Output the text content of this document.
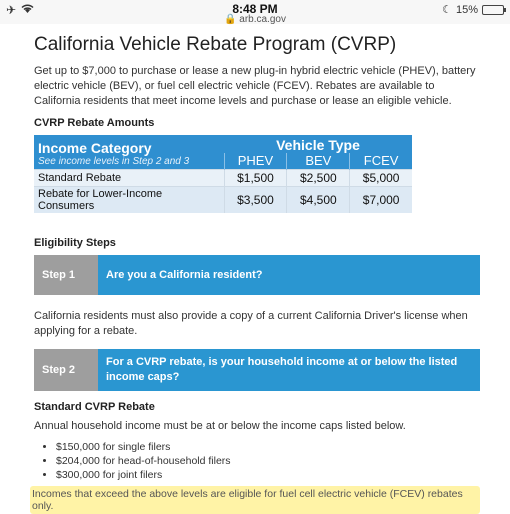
✈	8:48 PM
🔒 arb.ca.gov
☾ 15%
California Vehicle Rebate Program (CVRP)

Get up to $7,000 to purchase or lease a new plug-in hybrid electric vehicle (PHEV), battery electric vehicle (BEV), or fuel cell electric vehicle (FCEV). Rebates are available to California residents that meet income levels and purchase or lease an eligible vehicle.

CVRP Rebate Amounts
Income Category
See income levels in Step 2 and 3	Vehicle Type		
	PHEV	BEV	FCEV
Standard Rebate	$1,500	$2,500	$5,000
Rebate for Lower-Income Consumers	$3,500	$4,500	$7,000
Eligibility Steps
Step 1	Are you a California resident?

California residents must also provide a copy of a current California Driver's license when applying for a rebate.

Step 2
For a CVRP rebate, is your household income at or below the listed income caps?
Standard CVRP Rebate

Annual household income must be at or below the income caps listed below.

• $150,000 for single filers
• $204,000 for head-of-household filers
• $300,000 for joint filers
Incomes that exceed the above levels are eligible for fuel cell electric vehicle (FCEV) rebates only.
